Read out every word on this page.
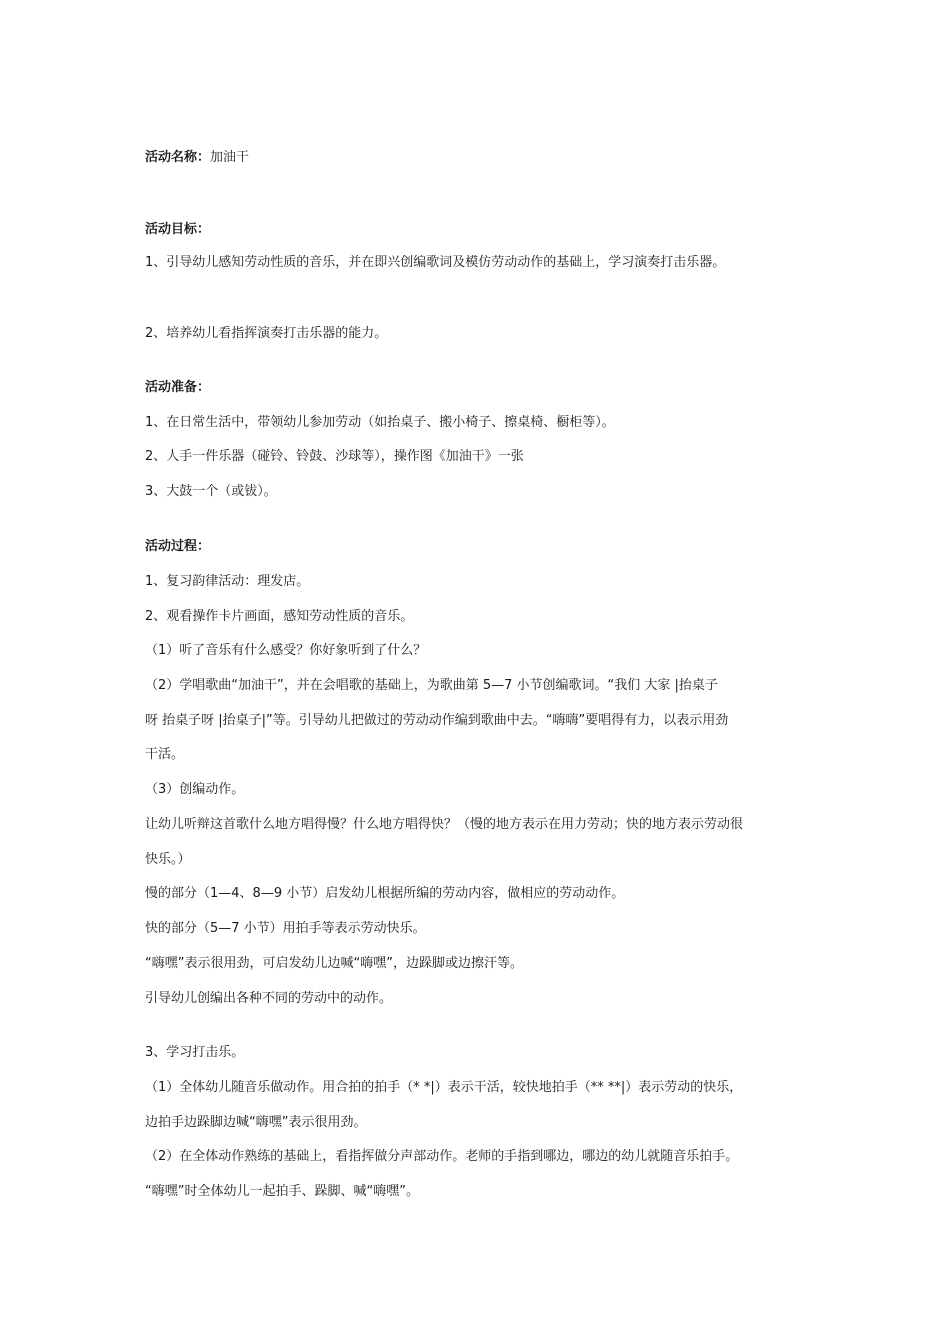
活动名称：加油干
活动目标：
1、引导幼儿感知劳动性质的音乐，并在即兴创编歌词及模仿劳动动作的基础上，学习演奏打击乐器。
2、培养幼儿看指挥演奏打击乐器的能力。
活动准备：
1、在日常生活中，带领幼儿参加劳动（如抬桌子、搬小椅子、擦桌椅、橱柜等）。
2、人手一件乐器（碰铃、铃鼓、沙球等），操作图《加油干》一张
3、大鼓一个（或钹）。
活动过程：
1、复习韵律活动：理发店。
2、观看操作卡片画面，感知劳动性质的音乐。
（1）听了音乐有什么感受？你好象听到了什么？
（2）学唱歌曲“加油干”，并在会唱歌的基础上，为歌曲第 5—7 小节创编歌词。“我们 大家 |抬桌子
呀 抬桌子呀 |抬桌子|”等。引导幼儿把做过的劳动动作编到歌曲中去。“嗨嗨”要唱得有力，以表示用劲
干活。
（3）创编动作。
让幼儿听辩这首歌什么地方唱得慢？什么地方唱得快？（慢的地方表示在用力劳动；快的地方表示劳动很
快乐。）
慢的部分（1—4、8—9 小节）启发幼儿根据所编的劳动内容，做相应的劳动动作。
快的部分（5—7 小节）用拍手等表示劳动快乐。
“嗨嘿”表示很用劲，可启发幼儿边喊“嗨嘿”，边跺脚或边擦汗等。
引导幼儿创编出各种不同的劳动中的动作。
3、学习打击乐。
（1）全体幼儿随音乐做动作。用合拍的拍手（* *|）表示干活，较快地拍手（** **|）表示劳动的快乐，
边拍手边跺脚边喊“嗨嘿”表示很用劲。
（2）在全体动作熟练的基础上，看指挥做分声部动作。老师的手指到哪边，哪边的幼儿就随音乐拍手。
“嗨嘿”时全体幼儿一起拍手、跺脚、喊“嗨嘿”。
